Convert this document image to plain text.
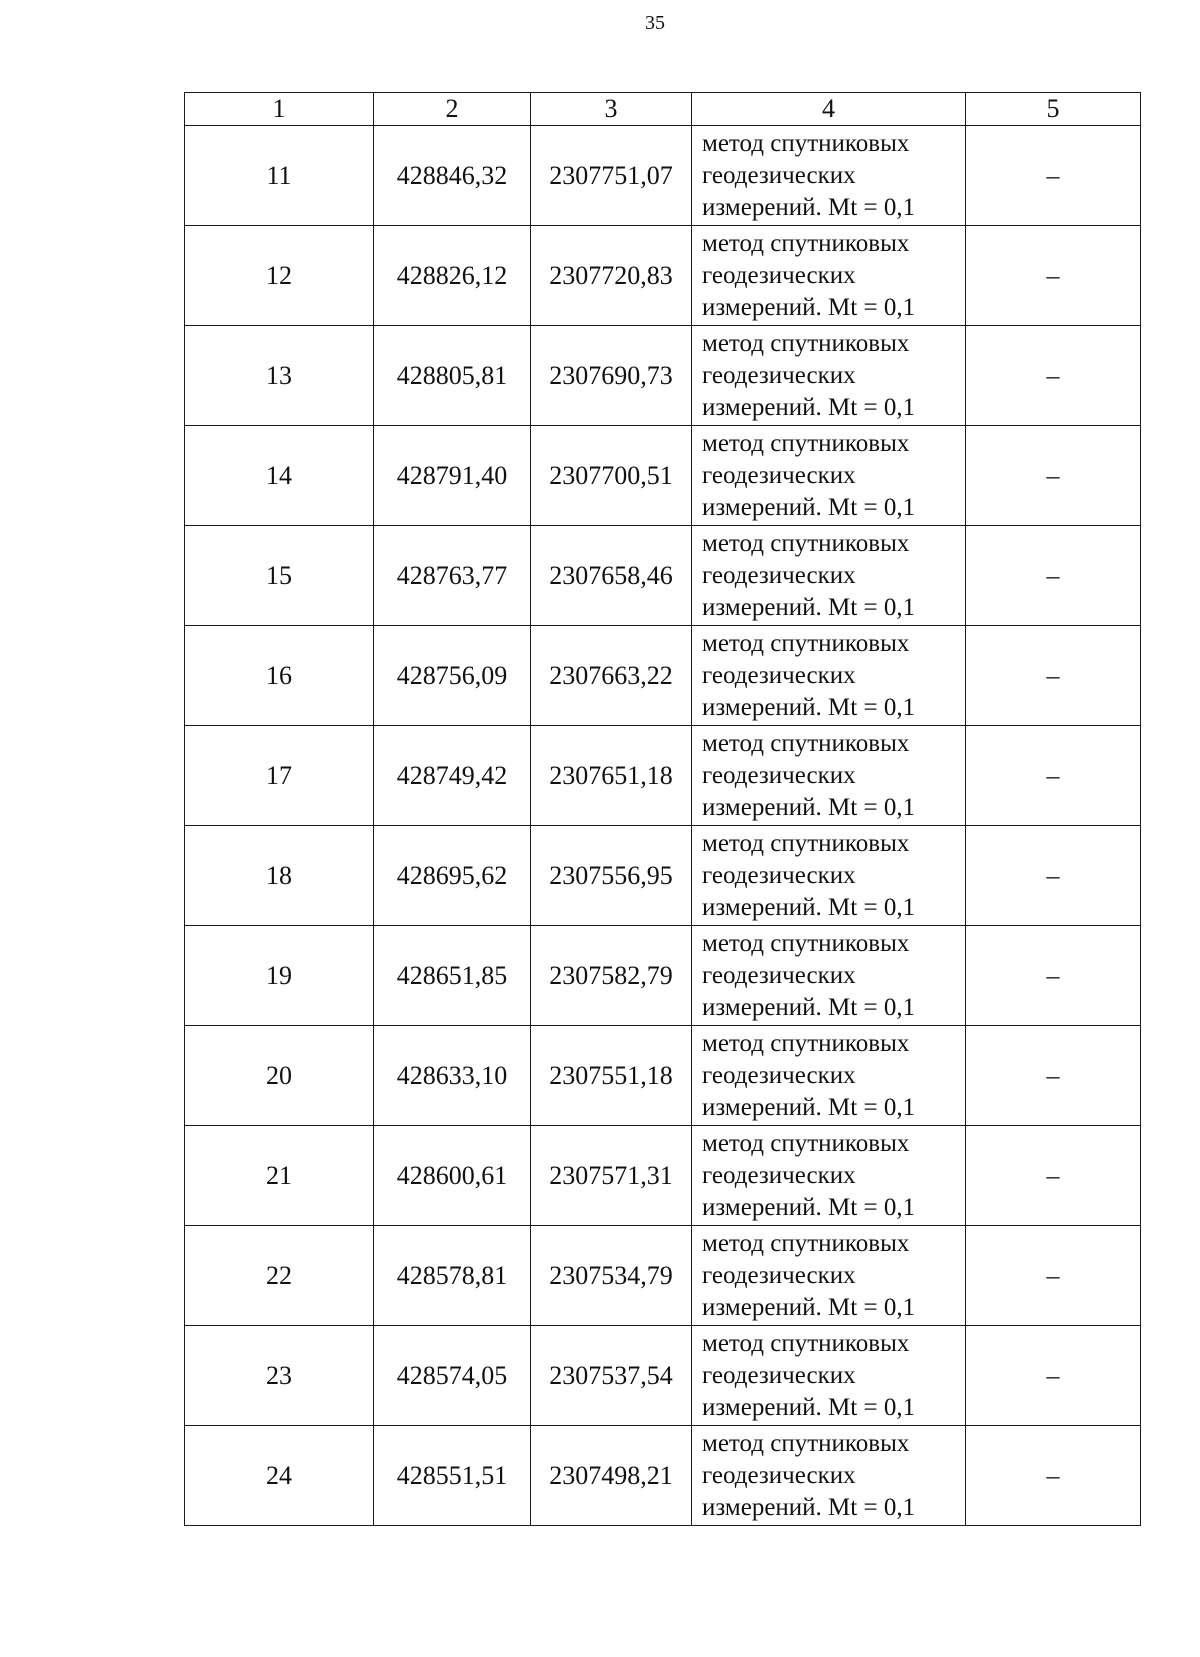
35
1	2	3	4	5
11	428846,32	2307751,07	метод спутниковых
геодезических
измерений. Mt = 0,1	–
12	428826,12	2307720,83	метод спутниковых
геодезических
измерений. Mt = 0,1	–
13	428805,81	2307690,73	метод спутниковых
геодезических
измерений. Mt = 0,1	–
14	428791,40	2307700,51	метод спутниковых
геодезических
измерений. Mt = 0,1	–
15	428763,77	2307658,46	метод спутниковых
геодезических
измерений. Mt = 0,1	–
16	428756,09	2307663,22	метод спутниковых
геодезических
измерений. Mt = 0,1	–
17	428749,42	2307651,18	метод спутниковых
геодезических
измерений. Mt = 0,1	–
18	428695,62	2307556,95	метод спутниковых
геодезических
измерений. Mt = 0,1	–
19	428651,85	2307582,79	метод спутниковых
геодезических
измерений. Mt = 0,1	–
20	428633,10	2307551,18	метод спутниковых
геодезических
измерений. Mt = 0,1	–
21	428600,61	2307571,31	метод спутниковых
геодезических
измерений. Mt = 0,1	–
22	428578,81	2307534,79	метод спутниковых
геодезических
измерений. Mt = 0,1	–
23	428574,05	2307537,54	метод спутниковых
геодезических
измерений. Mt = 0,1	–
24	428551,51	2307498,21	метод спутниковых
геодезических
измерений. Mt = 0,1	–
